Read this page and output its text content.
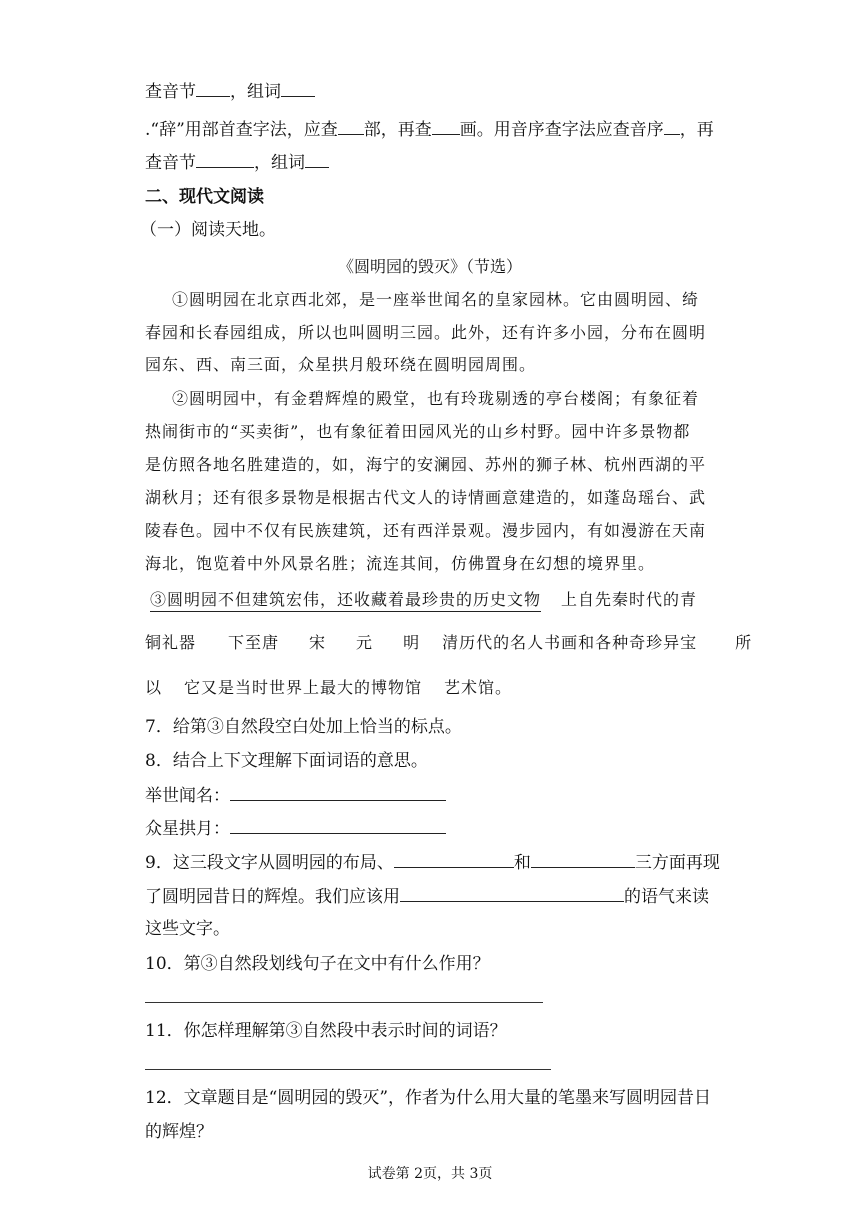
查音节 ，组词
.“辞”用部首查字法，应查 部，再查 画。用音序查字法应查音序 ，再
查音节	，组词
二、现代文阅读
（一）阅读天地。
《圆明园的毁灭》（节选）
①圆明园在北京西北郊，是一座举世闻名的皇家园林。它由圆明园、绮
春园和长春园组成，所以也叫圆明三园。此外，还有许多小园，分布在圆明
园东、西、南三面，众星拱月般环绕在圆明园周围。
②圆明园中，有金碧辉煌的殿堂，也有玲珑剔透的亭台楼阁；有象征着
热闹街市的“买卖街”，也有象征着田园风光的山乡村野。园中许多景物都
是仿照各地名胜建造的，如，海宁的安澜园、苏州的狮子林、杭州西湖的平
湖秋月；还有很多景物是根据古代文人的诗情画意建造的，如蓬岛瑶台、武
陵春色。园中不仅有民族建筑，还有西洋景观。漫步园内，有如漫游在天南
海北，饱览着中外风景名胜；流连其间，仿佛置身在幻想的境界里。
③圆明园不但建筑宏伟，还收藏着最珍贵的历史文物 上自先秦时代的青
铜礼器 下至唐 宋 元 明 清历代的名人书画和各种奇珍异宝 所
以 它又是当时世界上最大的博物馆 艺术馆。
7．给第③自然段空白处加上恰当的标点。
8．结合上下文理解下面词语的意思。
举世闻名：
众星拱月：
9．这三段文字从圆明园的布局、	和	三方面再现
了圆明园昔日的辉煌。我们应该用	的语气来读
这些文字。
10．第③自然段划线句子在文中有什么作用？
11．你怎样理解第③自然段中表示时间的词语？
12．文章题目是“圆明园的毁灭”，作者为什么用大量的笔墨来写圆明园昔日
的辉煌？
试卷第 2页，共 3页
